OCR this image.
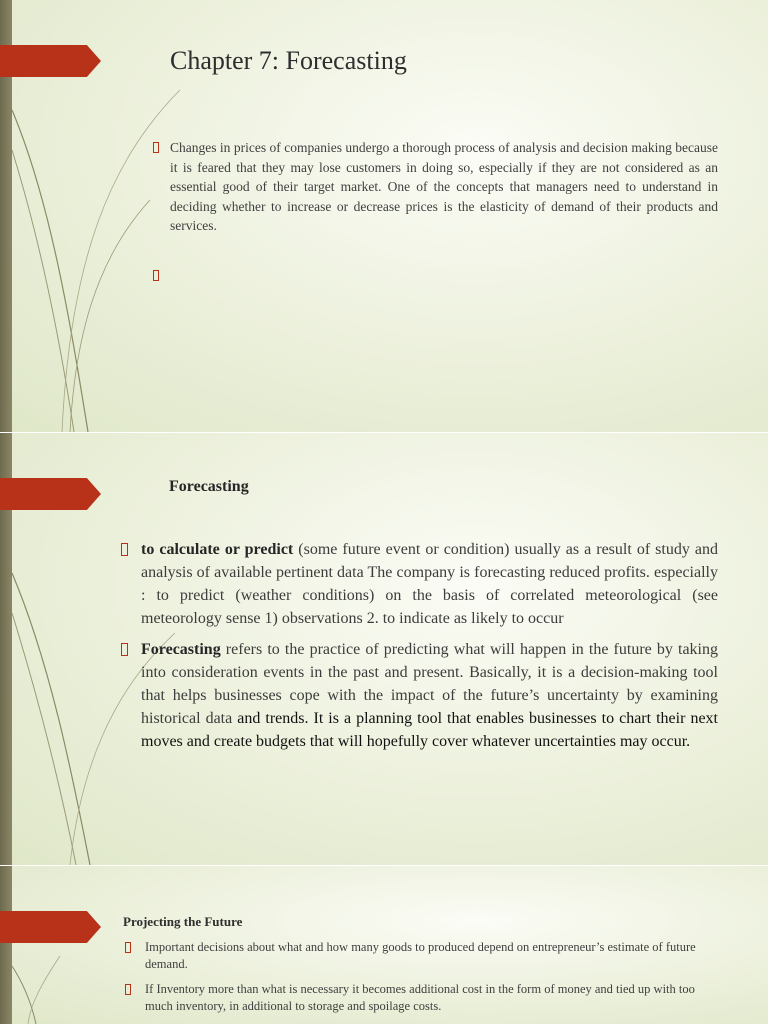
Chapter 7: Forecasting
Changes in prices of companies undergo a thorough process of analysis and decision making because it is feared that they may lose customers in doing so, especially if they are not considered as an essential good of their target market. One of the concepts that managers need to understand in deciding whether to increase or decrease prices is the elasticity of demand of their products and services.
Forecasting
to calculate or predict (some future event or condition) usually as a result of study and analysis of available pertinent data The company is forecasting reduced profits. especially : to predict (weather conditions) on the basis of correlated meteorological (see meteorology sense 1) observations 2. to indicate as likely to occur
Forecasting refers to the practice of predicting what will happen in the future by taking into consideration events in the past and present. Basically, it is a decision-making tool that helps businesses cope with the impact of the future’s uncertainty by examining historical data and trends. It is a planning tool that enables businesses to chart their next moves and create budgets that will hopefully cover whatever uncertainties may occur.
Projecting the Future
Important decisions about what and how many goods to produced depend on entrepreneur’s estimate of future demand.
If Inventory more than what is necessary it becomes additional cost in the form of money and tied up with too much inventory, in additional to storage and spoilage costs.
